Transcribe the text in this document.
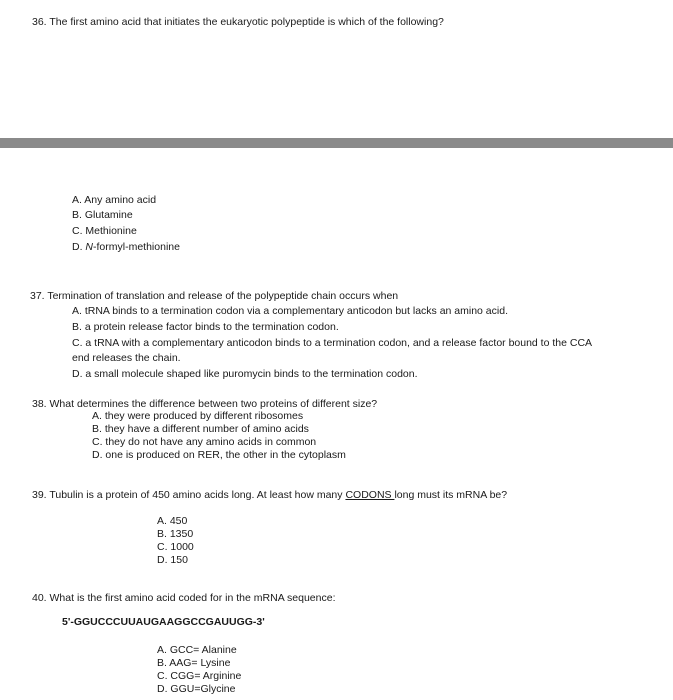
36. The first amino acid that initiates the eukaryotic polypeptide is which of the following?
A. Any amino acid
B. Glutamine
C. Methionine
D. N-formyl-methionine
37. Termination of translation and release of the polypeptide chain occurs when
A. tRNA binds to a termination codon via a complementary anticodon but lacks an amino acid.
B. a protein release factor binds to the termination codon.
C. a tRNA with a complementary anticodon binds to a termination codon, and a release factor bound to the CCA
end releases the chain.
D. a small molecule shaped like puromycin binds to the termination codon.
38. What determines the difference between two proteins of different size?
A. they were produced by different ribosomes
B. they have a different number of amino acids
C. they do not have any amino acids in common
D. one is produced on RER, the other in the cytoplasm
39. Tubulin is a protein of 450 amino acids long. At least how many CODONS long must its mRNA be?
A. 450
B. 1350
C. 1000
D. 150
40. What is the first amino acid coded for in the mRNA sequence:
5'-GGUCCCUUAUGAAGGCCGAUUGG-3'
A. GCC= Alanine
B. AAG= Lysine
C. CGG= Arginine
D. GGU=Glycine
